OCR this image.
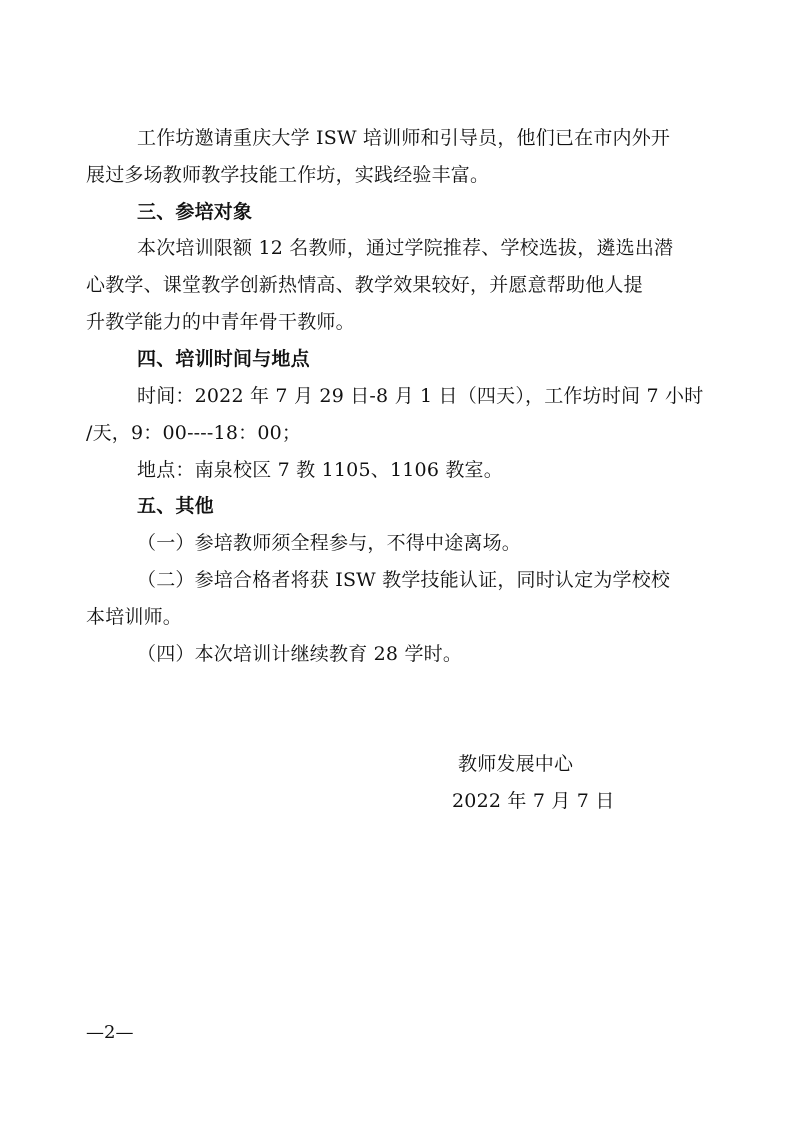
工作坊邀请重庆大学 ISW 培训师和引导员，他们已在市内外开
展过多场教师教学技能工作坊，实践经验丰富。
三、参培对象
本次培训限额 12 名教师，通过学院推荐、学校选拔，遴选出潜
心教学、课堂教学创新热情高、教学效果较好，并愿意帮助他人提
升教学能力的中青年骨干教师。
四、培训时间与地点
时间：2022 年 7 月 29 日-8 月 1 日（四天），工作坊时间 7 小时
/天，9：00----18：00；
地点：南泉校区 7 教 1105、1106 教室。
五、其他
（一）参培教师须全程参与，不得中途离场。
（二）参培合格者将获 ISW 教学技能认证，同时认定为学校校
本培训师。
（四）本次培训计继续教育 28 学时。
教师发展中心
2022 年 7 月 7 日
—2—
